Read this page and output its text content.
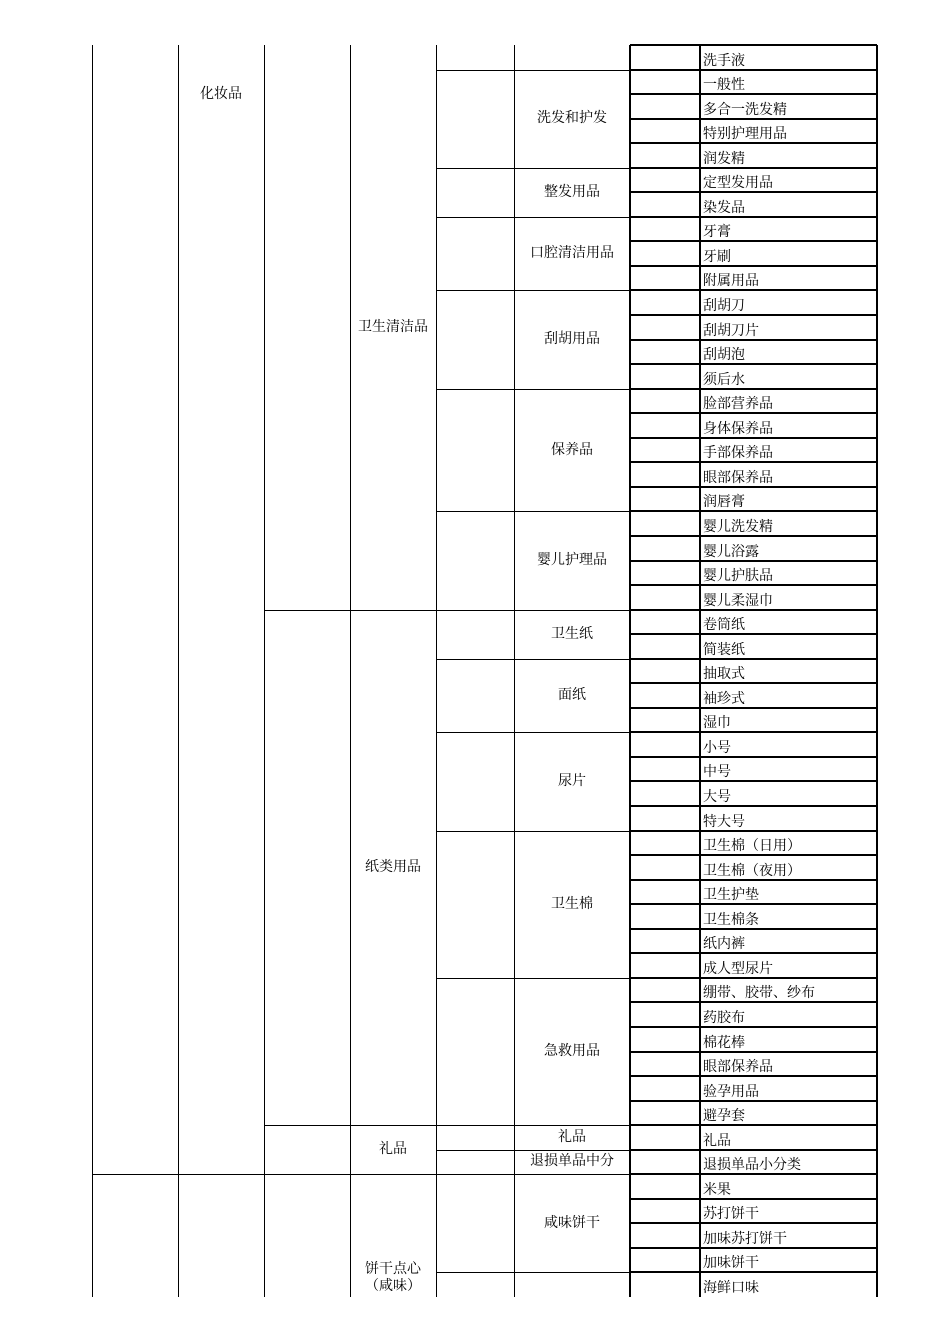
化妆品
卫生清洁品
纸类用品
礼品
饼干点心
（咸味）
洗发和护发
整发用品
口腔清洁用品
刮胡用品
保养品
婴儿护理品
卫生纸
面纸
尿片
卫生棉
急救用品
礼品
退损单品中分
咸味饼干
洗手液
一般性
多合一洗发精
特别护理用品
润发精
定型发用品
染发品
牙膏
牙刷
附属用品
刮胡刀
刮胡刀片
刮胡泡
须后水
脸部营养品
身体保养品
手部保养品
眼部保养品
润唇膏
婴儿洗发精
婴儿浴露
婴儿护肤品
婴儿柔湿巾
卷筒纸
简装纸
抽取式
袖珍式
湿巾
小号
中号
大号
特大号
卫生棉（日用）
卫生棉（夜用）
卫生护垫
卫生棉条
纸内裤
成人型尿片
绷带、胶带、纱布
药胶布
棉花棒
眼部保养品
验孕用品
避孕套
礼品
退损单品小分类
米果
苏打饼干
加味苏打饼干
加味饼干
海鲜口味
